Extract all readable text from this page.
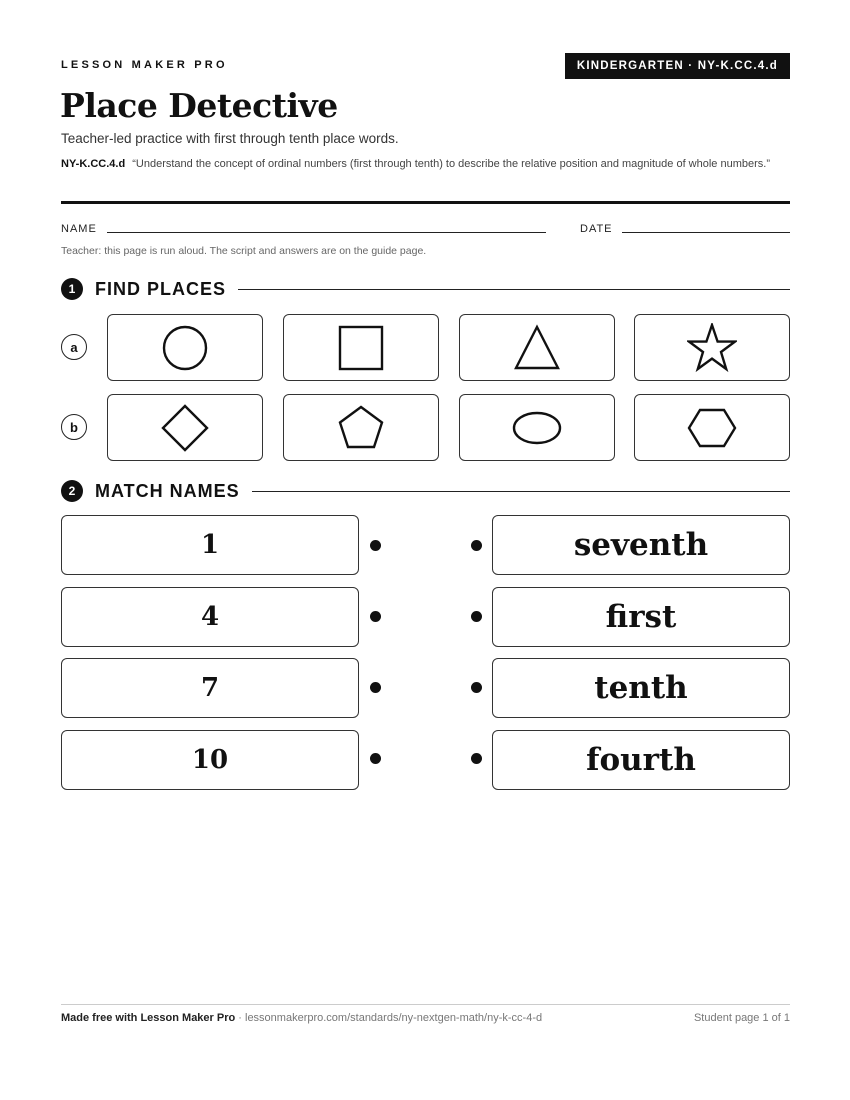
LESSON MAKER PRO	KINDERGARTEN · NY-K.CC.4.d
Place Detective
Teacher-led practice with first through tenth place words.
NY-K.CC.4.d “Understand the concept of ordinal numbers (first through tenth) to describe the relative position and magnitude of whole numbers.”
NAME	DATE
Teacher: this page is run aloud. The script and answers are on the guide page.
1	FIND PLACES
a
b
2	MATCH NAMES
1	seventh
4	first
7	tenth
10	fourth
Made free with Lesson Maker Pro · lessonmakerpro.com/standards/ny-nextgen-math/ny-k-cc-4-d	Student page 1 of 1
